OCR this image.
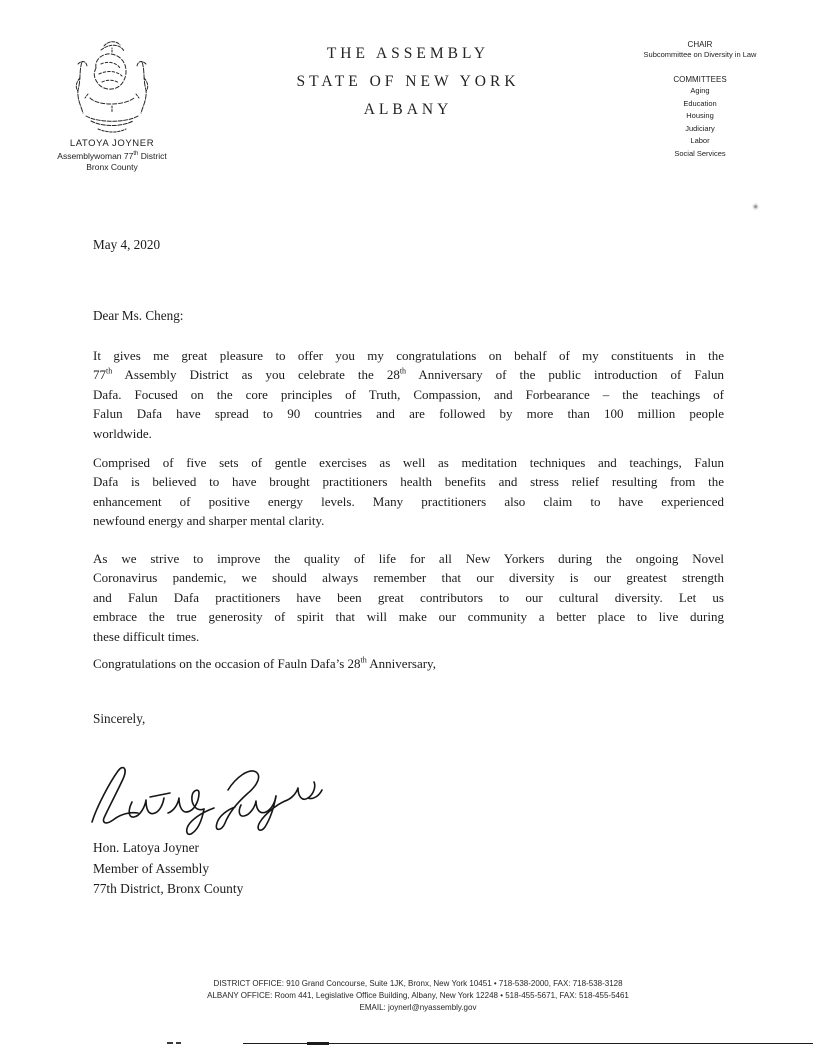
LATOYA JOYNER
Assemblywoman 77th District
Bronx County
THE ASSEMBLY
STATE OF NEW YORK
ALBANY
CHAIR
Subcommittee on Diversity in Law
COMMITTEES
Aging
Education
Housing
Judiciary
Labor
Social Services
May 4, 2020
Dear Ms. Cheng:
It gives me great pleasure to offer you my congratulations on behalf of my constituents in the
77th Assembly District as you celebrate the 28th Anniversary of the public introduction of Falun
Dafa. Focused on the core principles of Truth, Compassion, and Forbearance – the teachings of
Falun Dafa have spread to 90 countries and are followed by more than 100 million people
worldwide.
Comprised of five sets of gentle exercises as well as meditation techniques and teachings, Falun
Dafa is believed to have brought practitioners health benefits and stress relief resulting from the
enhancement of positive energy levels. Many practitioners also claim to have experienced
newfound energy and sharper mental clarity.
As we strive to improve the quality of life for all New Yorkers during the ongoing Novel
Coronavirus pandemic, we should always remember that our diversity is our greatest strength
and Falun Dafa practitioners have been great contributors to our cultural diversity. Let us
embrace the true generosity of spirit that will make our community a better place to live during
these difficult times.
Congratulations on the occasion of Fauln Dafa’s 28th Anniversary,
Sincerely,
Hon. Latoya Joyner
Member of Assembly
77th District, Bronx County
DISTRICT OFFICE: 910 Grand Concourse, Suite 1JK, Bronx, New York 10451 • 718-538-2000, FAX: 718-538-3128
ALBANY OFFICE: Room 441, Legislative Office Building, Albany, New York 12248 • 518-455-5671, FAX: 518-455-5461
EMAIL: joynerl@nyassembly.gov
